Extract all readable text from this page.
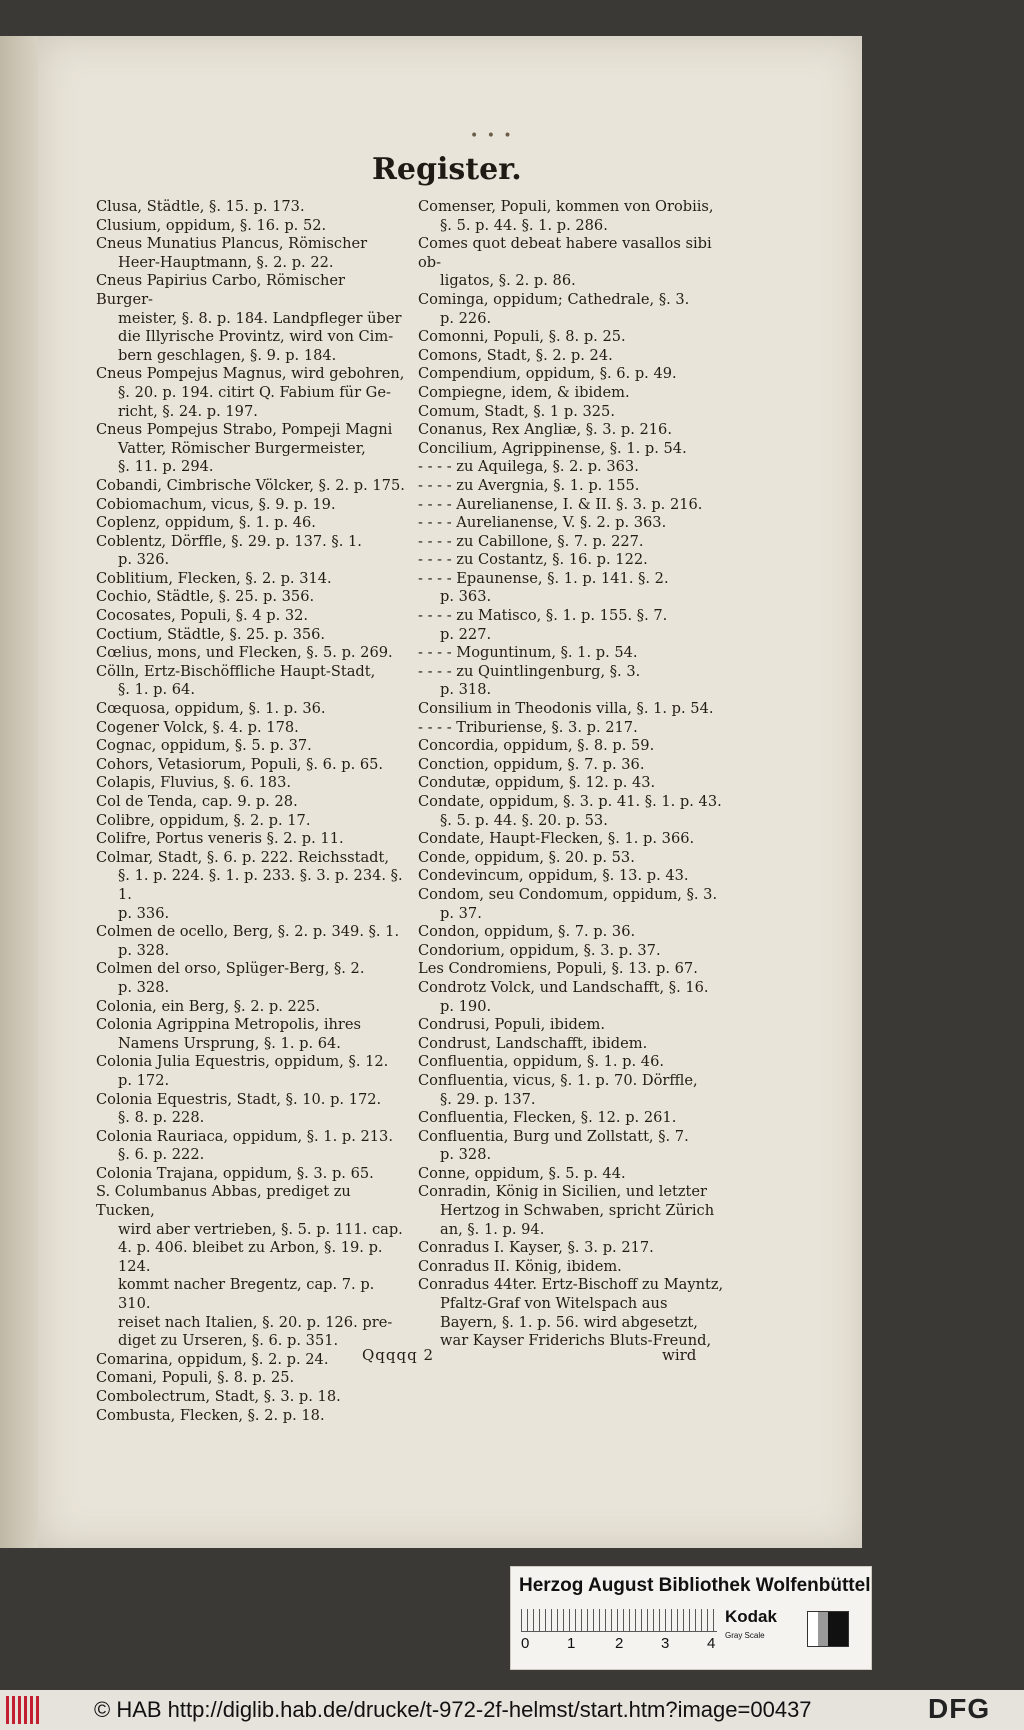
• • •
Register.
Clusa, Städtle, §. 15. p. 173.
Clusium, oppidum, §. 16. p. 52.
Cneus Munatius Plancus, Römischer
Heer-Hauptmann, §. 2. p. 22.
Cneus Papirius Carbo, Römischer Burger-
meister, §. 8. p. 184. Landpfleger über
die Illyrische Provintz, wird von Cim-
bern geschlagen, §. 9. p. 184.
Cneus Pompejus Magnus, wird gebohren,
§. 20. p. 194. citirt Q. Fabium für Ge-
richt, §. 24. p. 197.
Cneus Pompejus Strabo, Pompeji Magni
Vatter, Römischer Burgermeister,
§. 11. p. 294.
Cobandi, Cimbrische Völcker, §. 2. p. 175.
Cobiomachum, vicus, §. 9. p. 19.
Coplenz, oppidum, §. 1. p. 46.
Coblentz, Dörffle, §. 29. p. 137. §. 1.
p. 326.
Coblitium, Flecken, §. 2. p. 314.
Cochio, Städtle, §. 25. p. 356.
Cocosates, Populi, §. 4 p. 32.
Coctium, Städtle, §. 25. p. 356.
Cœlius, mons, und Flecken, §. 5. p. 269.
Cölln, Ertz-Bischöffliche Haupt-Stadt,
§. 1. p. 64.
Cœquosa, oppidum, §. 1. p. 36.
Cogener Volck, §. 4. p. 178.
Cognac, oppidum, §. 5. p. 37.
Cohors, Vetasiorum, Populi, §. 6. p. 65.
Colapis, Fluvius, §. 6. 183.
Col de Tenda, cap. 9. p. 28.
Colibre, oppidum, §. 2. p. 17.
Colifre, Portus veneris §. 2. p. 11.
Colmar, Stadt, §. 6. p. 222. Reichsstadt,
§. 1. p. 224. §. 1. p. 233. §. 3. p. 234. §. 1.
p. 336.
Colmen de ocello, Berg, §. 2. p. 349. §. 1.
p. 328.
Colmen del orso, Splüger-Berg, §. 2.
p. 328.
Colonia, ein Berg, §. 2. p. 225.
Colonia Agrippina Metropolis, ihres
Namens Ursprung, §. 1. p. 64.
Colonia Julia Equestris, oppidum, §. 12.
p. 172.
Colonia Equestris, Stadt, §. 10. p. 172.
§. 8. p. 228.
Colonia Rauriaca, oppidum, §. 1. p. 213.
§. 6. p. 222.
Colonia Trajana, oppidum, §. 3. p. 65.
S. Columbanus Abbas, prediget zu Tucken,
wird aber vertrieben, §. 5. p. 111. cap.
4. p. 406. bleibet zu Arbon, §. 19. p. 124.
kommt nacher Bregentz, cap. 7. p. 310.
reiset nach Italien, §. 20. p. 126. pre-
diget zu Urseren, §. 6. p. 351.
Comarina, oppidum, §. 2. p. 24.
Comani, Populi, §. 8. p. 25.
Combolectrum, Stadt, §. 3. p. 18.
Combusta, Flecken, §. 2. p. 18.
Comenser, Populi, kommen von Orobiis,
§. 5. p. 44. §. 1. p. 286.
Comes quot debeat habere vasallos sibi ob-
ligatos, §. 2. p. 86.
Cominga, oppidum; Cathedrale, §. 3.
p. 226.
Comonni, Populi, §. 8. p. 25.
Comons, Stadt, §. 2. p. 24.
Compendium, oppidum, §. 6. p. 49.
Compiegne, idem, & ibidem.
Comum, Stadt, §. 1 p. 325.
Conanus, Rex Angliæ, §. 3. p. 216.
Concilium, Agrippinense, §. 1. p. 54.
- - - - zu Aquilega, §. 2. p. 363.
- - - - zu Avergnia, §. 1. p. 155.
- - - - Aurelianense, I. & II. §. 3. p. 216.
- - - - Aurelianense, V. §. 2. p. 363.
- - - - zu Cabillone, §. 7. p. 227.
- - - - zu Costantz, §. 16. p. 122.
- - - - Epaunense, §. 1. p. 141. §. 2.
p. 363.
- - - - zu Matisco, §. 1. p. 155. §. 7.
p. 227.
- - - - Moguntinum, §. 1. p. 54.
- - - - zu Quintlingenburg, §. 3.
p. 318.
Consilium in Theodonis villa, §. 1. p. 54.
- - - - Triburiense, §. 3. p. 217.
Concordia, oppidum, §. 8. p. 59.
Conction, oppidum, §. 7. p. 36.
Condutæ, oppidum, §. 12. p. 43.
Condate, oppidum, §. 3. p. 41. §. 1. p. 43.
§. 5. p. 44. §. 20. p. 53.
Condate, Haupt-Flecken, §. 1. p. 366.
Conde, oppidum, §. 20. p. 53.
Condevincum, oppidum, §. 13. p. 43.
Condom, seu Condomum, oppidum, §. 3.
p. 37.
Condon, oppidum, §. 7. p. 36.
Condorium, oppidum, §. 3. p. 37.
Les Condromiens, Populi, §. 13. p. 67.
Condrotz Volck, und Landschafft, §. 16.
p. 190.
Condrusi, Populi, ibidem.
Condrust, Landschafft, ibidem.
Confluentia, oppidum, §. 1. p. 46.
Confluentia, vicus, §. 1. p. 70. Dörffle,
§. 29. p. 137.
Confluentia, Flecken, §. 12. p. 261.
Confluentia, Burg und Zollstatt, §. 7.
p. 328.
Conne, oppidum, §. 5. p. 44.
Conradin, König in Sicilien, und letzter
Hertzog in Schwaben, spricht Zürich
an, §. 1. p. 94.
Conradus I. Kayser, §. 3. p. 217.
Conradus II. König, ibidem.
Conradus 44ter. Ertz-Bischoff zu Mayntz,
Pfaltz-Graf von Witelspach aus
Bayern, §. 1. p. 56. wird abgesetzt,
war Kayser Friderichs Bluts-Freund,
Qqqqq 2	wird
Herzog August Bibliothek Wolfenbüttel
0	1	2	3	4
Kodak
Gray Scale
© HAB http://diglib.hab.de/drucke/t-972-2f-helmst/start.htm?image=00437	DFG
